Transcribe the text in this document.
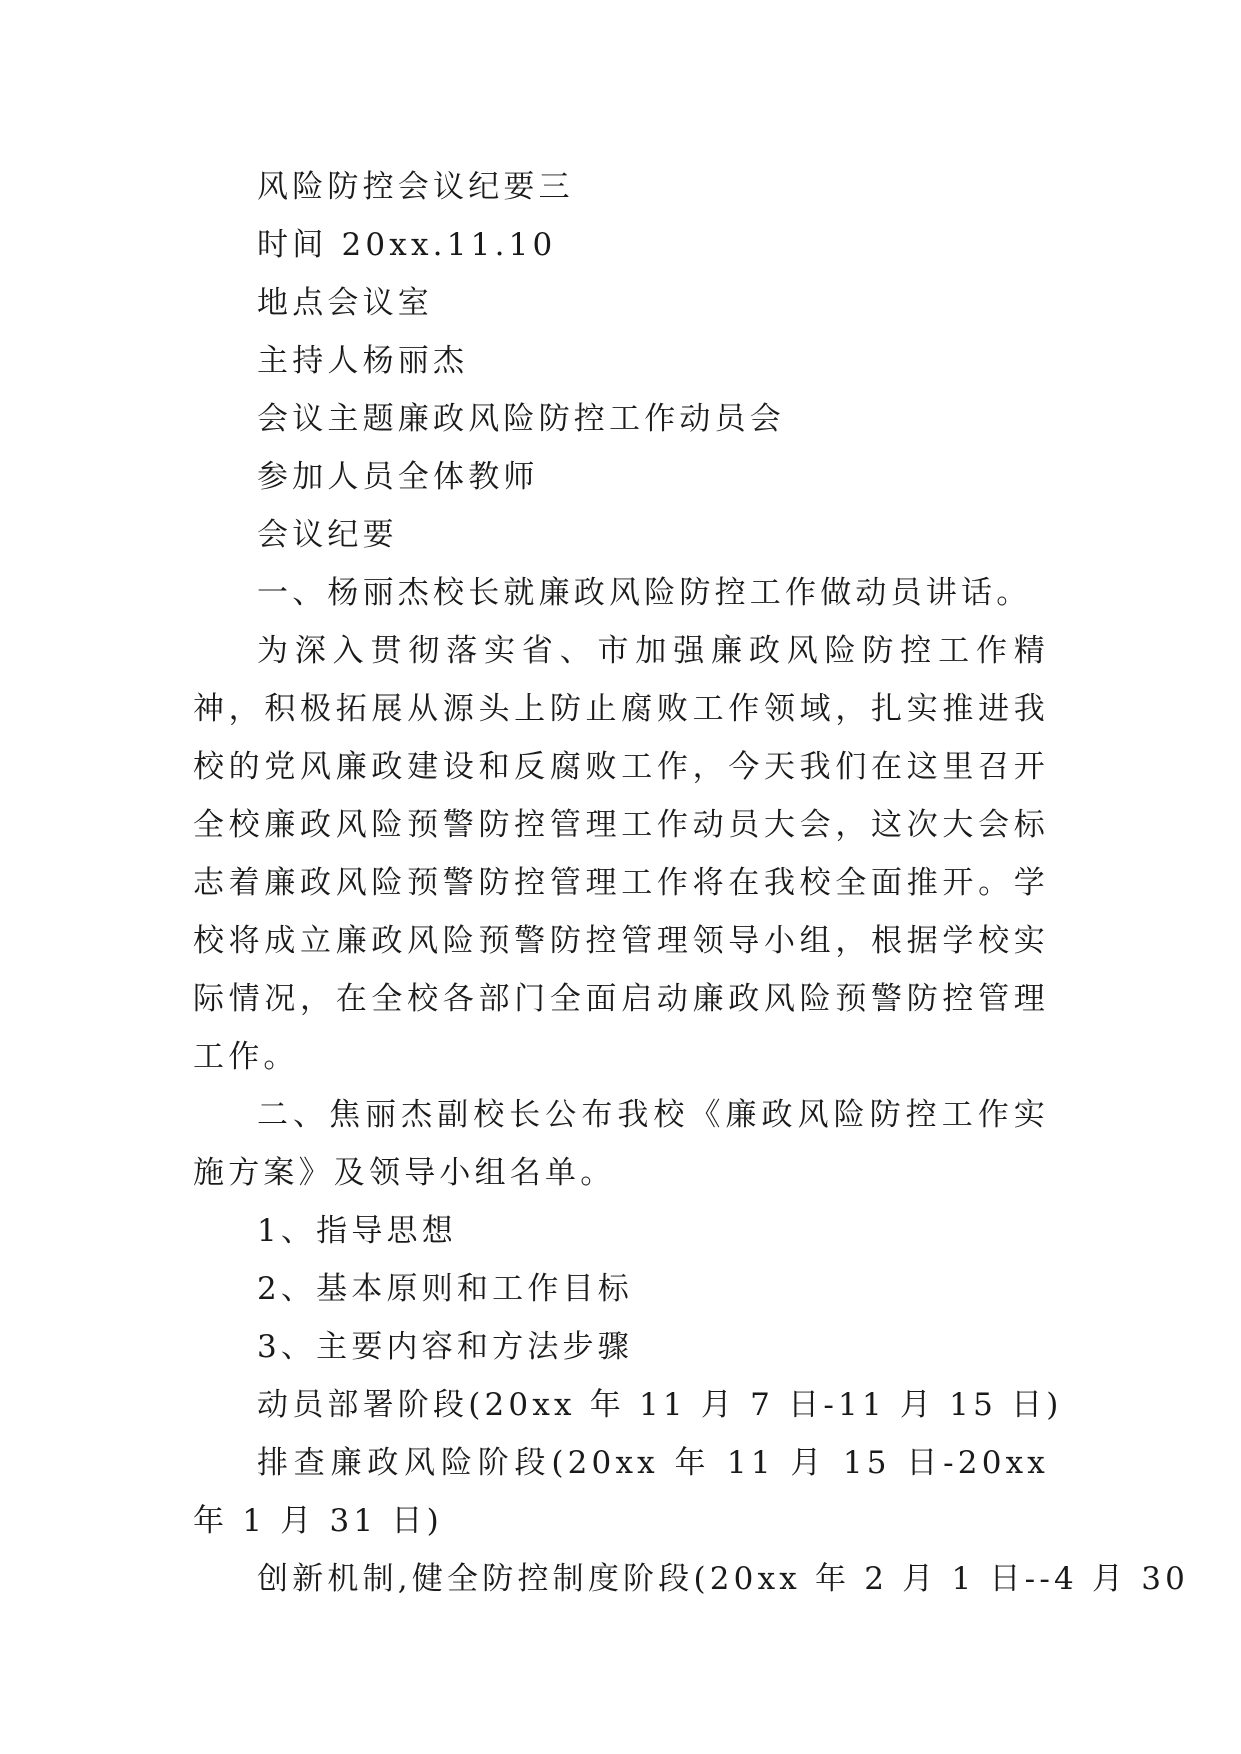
风险防控会议纪要三
时间 20xx.11.10
地点会议室
主持人杨丽杰
会议主题廉政风险防控工作动员会
参加人员全体教师
会议纪要
一、杨丽杰校长就廉政风险防控工作做动员讲话。
为深入贯彻落实省、市加强廉政风险防控工作精神，积极拓展从源头上防止腐败工作领域，扎实推进我校的党风廉政建设和反腐败工作，今天我们在这里召开全校廉政风险预警防控管理工作动员大会，这次大会标志着廉政风险预警防控管理工作将在我校全面推开。学校将成立廉政风险预警防控管理领导小组，根据学校实际情况，在全校各部门全面启动廉政风险预警防控管理工作。
二、焦丽杰副校长公布我校《廉政风险防控工作实施方案》及领导小组名单。
1、指导思想
2、基本原则和工作目标
3、主要内容和方法步骤
动员部署阶段(20xx 年 11 月 7 日-11 月 15 日)
排查廉政风险阶段(20xx 年 11 月 15 日-20xx 年 1 月 31 日)
创新机制,健全防控制度阶段(20xx 年 2 月 1 日--4 月 30
